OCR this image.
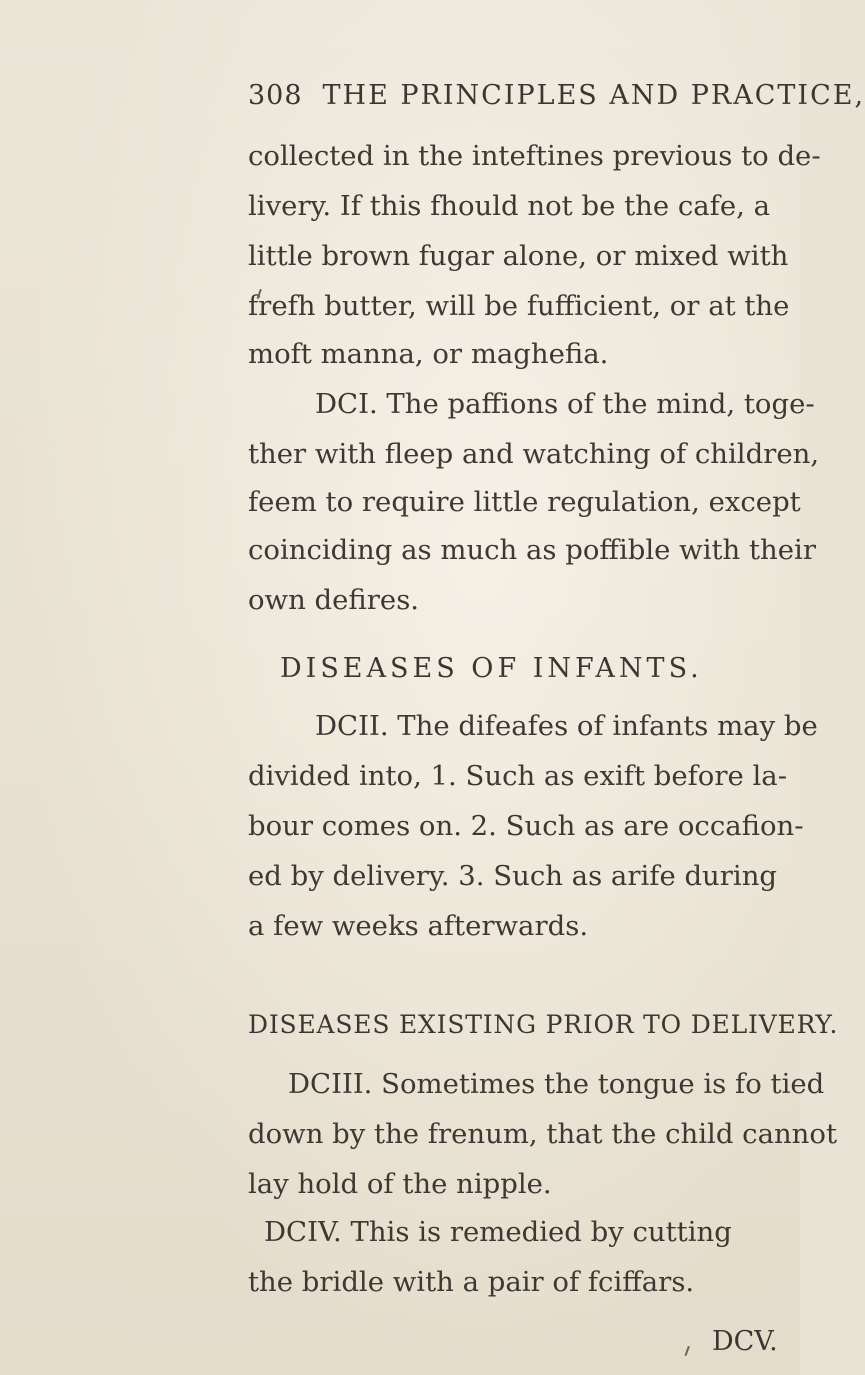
308 THE PRINCIPLES AND PRACTICE,
collected in the inteftines previous to de-
livery. If this fhould not be the cafe, a
little brown fugar alone, or mixed with
frefh butter, will be fufficient, or at the
moft manna, or maghefia.
DCI. The paffions of the mind, toge-
ther with fleep and watching of children,
feem to require little regulation, except
coinciding as much as poffible with their
own defires.
DISEASES OF INFANTS.
DCII. The difeafes of infants may be
divided into, 1. Such as exift before la-
bour comes on. 2. Such as are occafion-
ed by delivery. 3. Such as arife during
a few weeks afterwards.
DISEASES EXISTING PRIOR TO DELIVERY.
DCIII. Sometimes the tongue is fo tied
down by the frenum, that the child cannot
lay hold of the nipple.
DCIV. This is remedied by cutting
the bridle with a pair of fciffars.
DCV.
